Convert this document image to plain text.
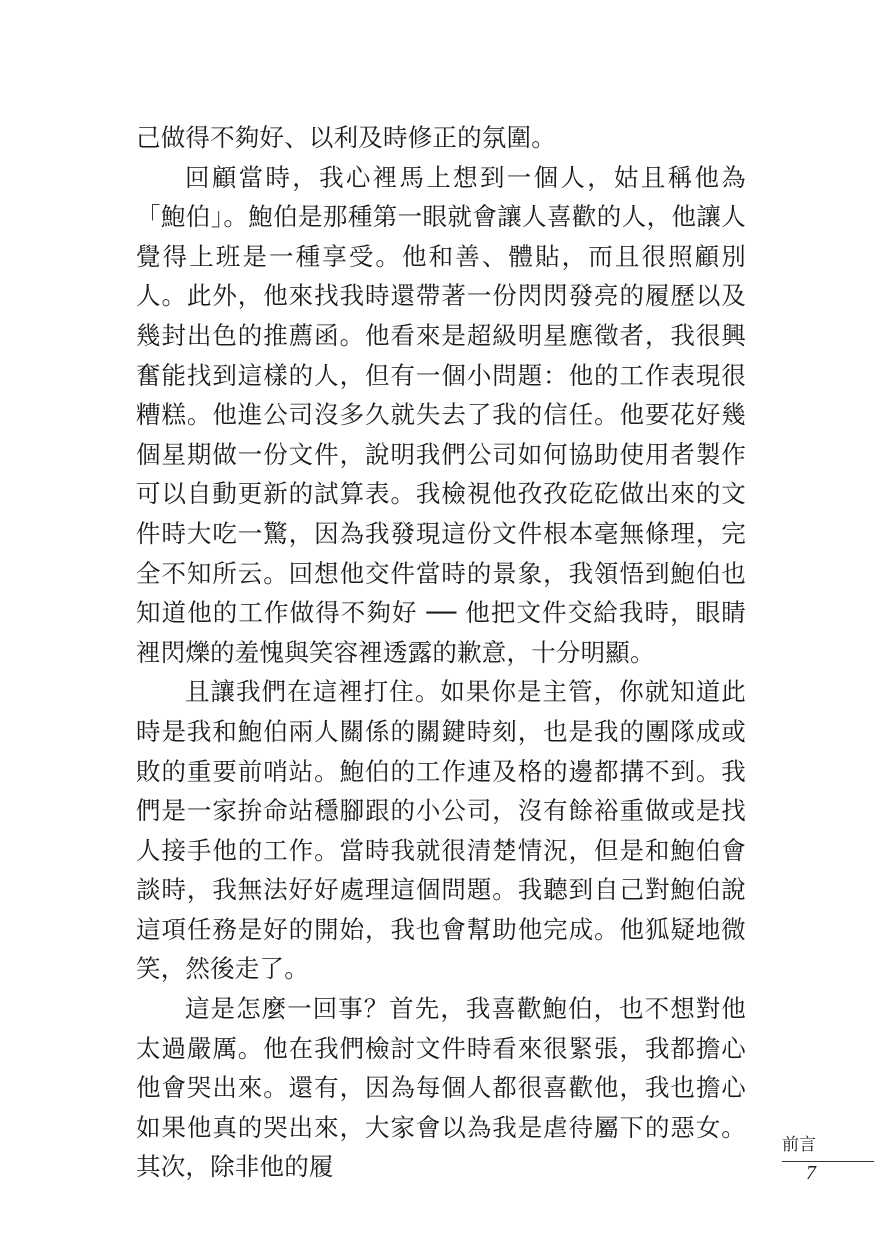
己做得不夠好、以利及時修正的氛圍。

回顧當時，我心裡馬上想到一個人，姑且稱他為「鮑伯」。鮑伯是那種第一眼就會讓人喜歡的人，他讓人覺得上班是一種享受。他和善、體貼，而且很照顧別人。此外，他來找我時還帶著一份閃閃發亮的履歷以及幾封出色的推薦函。他看來是超級明星應徵者，我很興奮能找到這樣的人，但有一個小問題：他的工作表現很糟糕。他進公司沒多久就失去了我的信任。他要花好幾個星期做一份文件，說明我們公司如何協助使用者製作可以自動更新的試算表。我檢視他孜孜矻矻做出來的文件時大吃一驚，因為我發現這份文件根本毫無條理，完全不知所云。回想他交件當時的景象，我領悟到鮑伯也知道他的工作做得不夠好 ── 他把文件交給我時，眼睛裡閃爍的羞愧與笑容裡透露的歉意，十分明顯。

且讓我們在這裡打住。如果你是主管，你就知道此時是我和鮑伯兩人關係的關鍵時刻，也是我的團隊成或敗的重要前哨站。鮑伯的工作連及格的邊都搆不到。我們是一家拚命站穩腳跟的小公司，沒有餘裕重做或是找人接手他的工作。當時我就很清楚情況，但是和鮑伯會談時，我無法好好處理這個問題。我聽到自己對鮑伯說這項任務是好的開始，我也會幫助他完成。他狐疑地微笑，然後走了。

這是怎麼一回事？首先，我喜歡鮑伯，也不想對他太過嚴厲。他在我們檢討文件時看來很緊張，我都擔心他會哭出來。還有，因為每個人都很喜歡他，我也擔心如果他真的哭出來，大家會以為我是虐待屬下的惡女。其次，除非他的履

前言
7
